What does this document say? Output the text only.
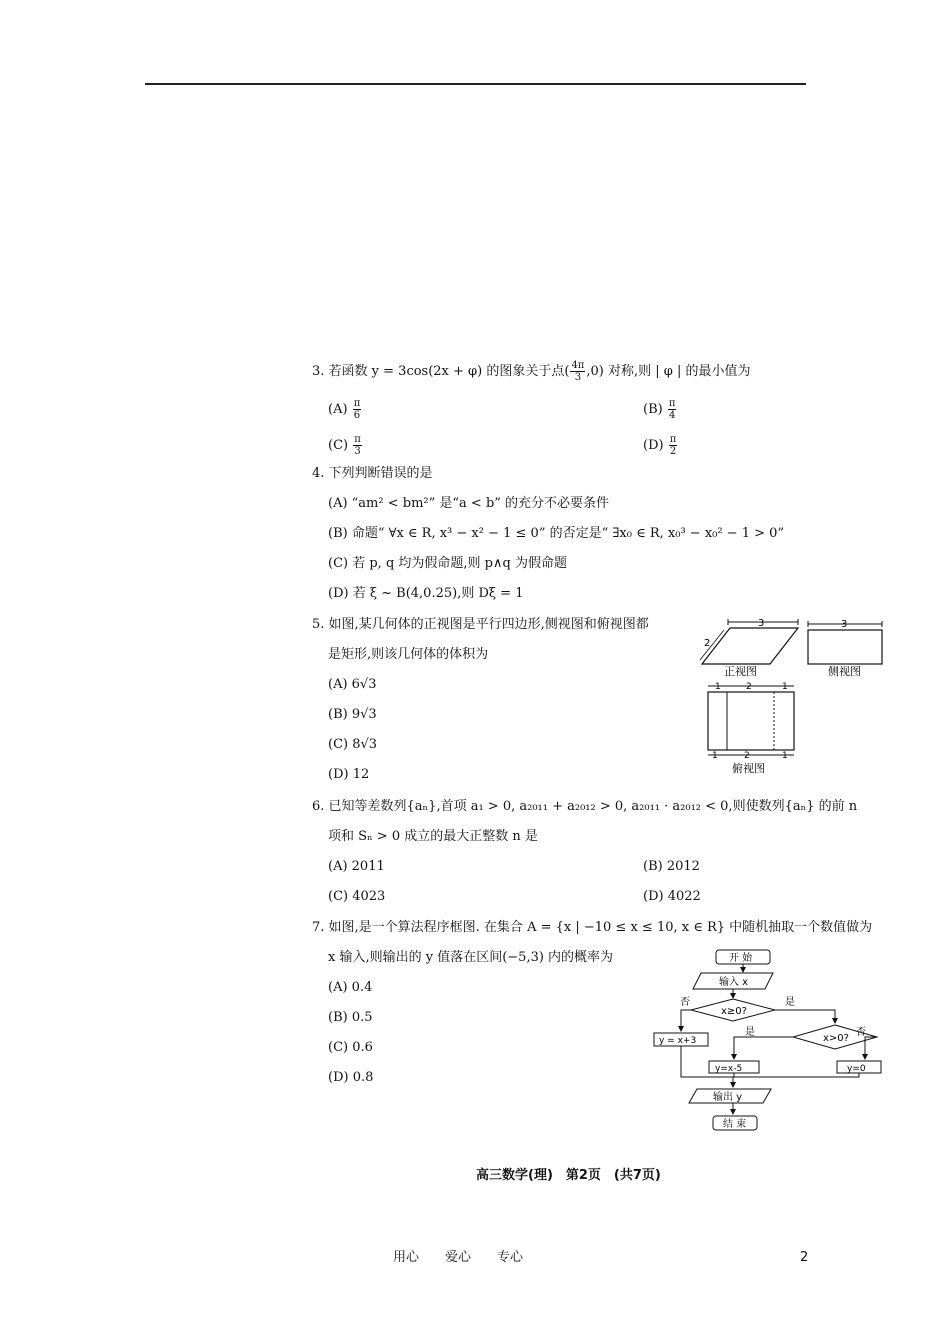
3. 若函数 y = 3cos(2x + φ) 的图象关于点( $\frac{4\pi}{3} ,0$) 对称,则 | φ | 的最小值为
$(A) \frac{\pi}{6}$	$(B) \frac{\pi}{4}$
$(C) \frac{\pi}{3}$	$(D) \frac{\pi}{2}$
4. 下列判断错误的是
(A) “am² < bm²” 是“a < b” 的充分不必要条件
(B) 命题“ ∀x ∈ R, x³ − x² − 1 ≤ 0” 的否定是“ ∃x₀ ∈ R, x₀³ − x₀² − 1 > 0”
(C) 若 p, q 均为假命题,则 p∧q 为假命题
(D) 若 ξ ~ B(4,0.25),则 Dξ = 1
5. 如图,某几何体的正视图是平行四边形,侧视图和俯视图都
是矩形,则该几何体的体积为
(A) 6√3
(B) 9√3
(C) 8√3
(D) 12
3
2
正视图
3
侧视图
1	2	1
1	2	1
俯视图
6. 已知等差数列{aₙ},首项 a₁ > 0, a₂₀₁₁ + a₂₀₁₂ > 0, a₂₀₁₁ · a₂₀₁₂ < 0,则使数列{aₙ} 的前 n
项和 Sₙ > 0 成立的最大正整数 n 是
(A) 2011	(B) 2012
(C) 4023	(D) 4022
7. 如图,是一个算法程序框图. 在集合 A = {x | −10 ≤ x ≤ 10, x ∈ R} 中随机抽取一个数值做为
x 输入,则输出的 y 值落在区间(−5,3) 内的概率为
(A) 0.4
(B) 0.5
(C) 0.6
(D) 0.8
开 始
输入 x
x≥0?
否	是
y = x+3	x>0?
是	否
y=x-5	y=0
输出 y
结 束
高三数学(理)　第2页　(共7页)
用心　　爱心　　专心	2
